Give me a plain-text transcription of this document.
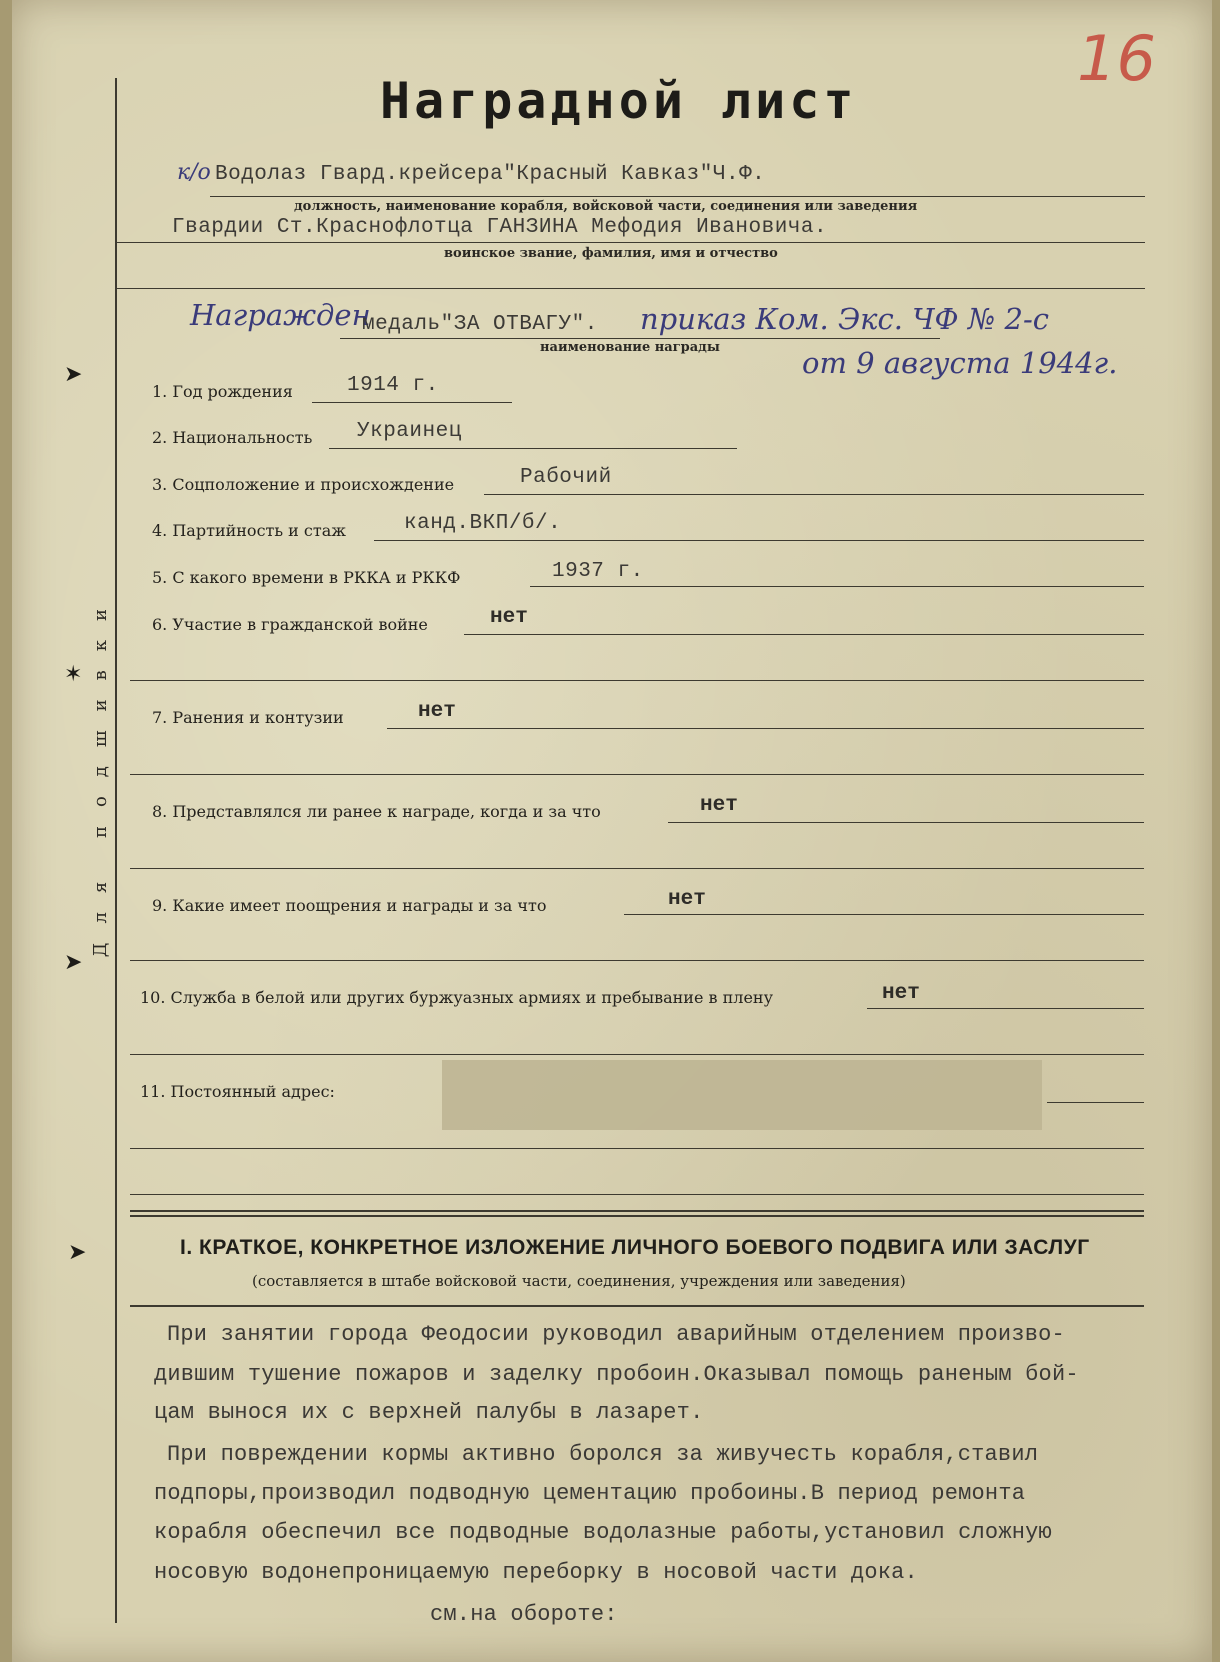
16
Для подшивки
➤
✶
➤
➤
Наградной лист
к/о Водолаз Гвард.крейсера"Красный Кавказ"Ч.Ф.
должность, наименование корабля, войсковой части, соединения или заведения
Гвардии Ст.Краснофлотца ГАНЗИНА Мефодия Ивановича.
воинское звание, фамилия, имя и отчество
Награжден
медаль"ЗА ОТВАГУ". приказ Ком. Экс. ЧФ № 2-с
наименование награды	от 9 августа 1944г.
1. Год рождения	1914 г.
2. Национальность Украинец
3. Соцположение и происхождение	Рабочий
4. Партийность и стаж	канд.ВКП/б/.
5. С какого времени в РККА и РККФ	1937 г.
6. Участие в гражданской войне	нет
7. Ранения и контузии	нет
8. Представлялся ли ранее к награде, когда и за что	нет
9. Какие имеет поощрения и награды и за что	нет
10. Служба в белой или других буржуазных армиях и пребывание в плену	нет
11. Постоянный адрес:
I. КРАТКОЕ, КОНКРЕТНОЕ ИЗЛОЖЕНИЕ ЛИЧНОГО БОЕВОГО ПОДВИГА ИЛИ ЗАСЛУГ
(составляется в штабе войсковой части, соединения, учреждения или заведения)
При занятии города Феодосии руководил аварийным отделением произво-
дившим тушение пожаров и заделку пробоин.Оказывал помощь раненым бой-
цам вынося их с верхней палубы в лазарет.
При повреждении кормы активно боролся за живучесть корабля,ставил
подпоры,производил подводную цементацию пробоины.В период ремонта
корабля обеспечил все подводные водолазные работы,установил сложную
носовую водонепроницаемую переборку в носовой части дока.
см.на обороте:
